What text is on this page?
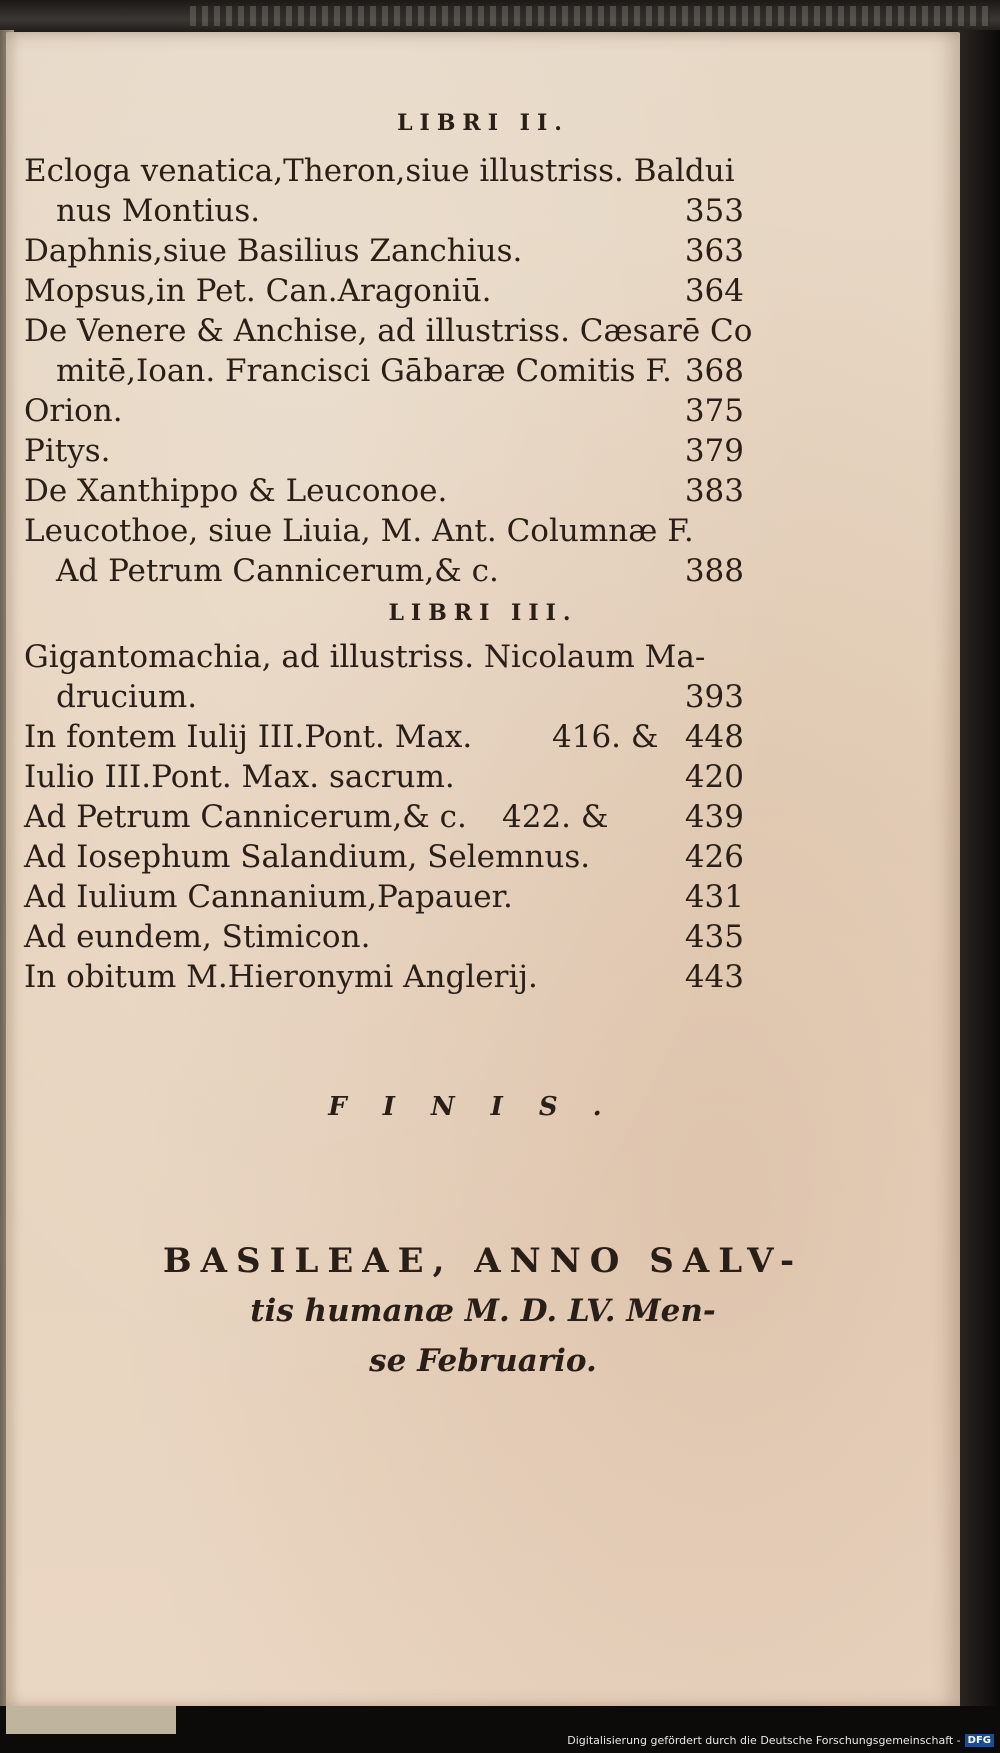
LIBRI II.
Ecloga venatica,Theron,siue illustriss. Baldui
nus Montius.	353
Daphnis,siue Basilius Zanchius.	363
Mopsus,in Pet. Can.Aragoniū.	364
De Venere & Anchise, ad illustriss. Cæsarē Co
mitē,Ioan. Francisci Gābaræ Comitis F. 368
Orion.	375
Pitys.	379
De Xanthippo & Leuconoe.	383
Leucothoe, siue Liuia, M. Ant. Columnæ F.
Ad Petrum Cannicerum,& c.	388
LIBRI III.
Gigantomachia, ad illustriss. Nicolaum Ma-
drucium.	393
In fontem Iulij III.Pont. Max.	416. & 448
Iulio III.Pont. Max. sacrum.	420
Ad Petrum Cannicerum,& c. 422. & 439
Ad Iosephum Salandium, Selemnus.	426
Ad Iulium Cannanium,Papauer.	431
Ad eundem, Stimicon.	435
In obitum M.Hieronymi Anglerij.	443
FINIS.
BASILEAE, ANNO SALV-
tis humanæ M. D. LV. Men-
se Februario.
Digitalisierung gefördert durch die Deutsche Forschungsgemeinschaft - DFG
